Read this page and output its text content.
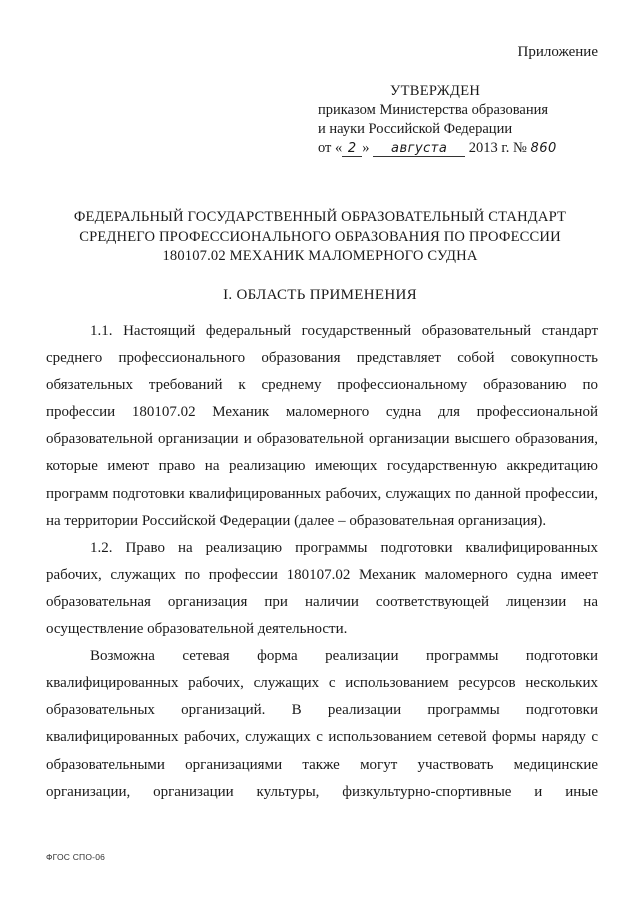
Приложение
УТВЕРЖДЕН
приказом Министерства образования
и науки Российской Федерации
от « 2 » августа 2013 г. № 860
ФЕДЕРАЛЬНЫЙ ГОСУДАРСТВЕННЫЙ ОБРАЗОВАТЕЛЬНЫЙ СТАНДАРТ
СРЕДНЕГО ПРОФЕССИОНАЛЬНОГО ОБРАЗОВАНИЯ ПО ПРОФЕССИИ
180107.02 МЕХАНИК МАЛОМЕРНОГО СУДНА
I. ОБЛАСТЬ ПРИМЕНЕНИЯ

1.1. Настоящий федеральный государственный образовательный стандарт среднего профессионального образования представляет собой совокупность обязательных требований к среднему профессиональному образованию по профессии 180107.02 Механик маломерного судна для профессиональной образовательной организации и образовательной организации высшего образования, которые имеют право на реализацию имеющих государственную аккредитацию программ подготовки квалифицированных рабочих, служащих по данной профессии, на территории Российской Федерации (далее – образовательная организация).

1.2. Право на реализацию программы подготовки квалифицированных рабочих, служащих по профессии 180107.02 Механик маломерного судна имеет образовательная организация при наличии соответствующей лицензии на осуществление образовательной деятельности.

Возможна сетевая форма реализации программы подготовки квалифицированных рабочих, служащих с использованием ресурсов нескольких образовательных организаций. В реализации программы подготовки квалифицированных рабочих, служащих с использованием сетевой формы наряду с образовательными организациями также могут участвовать медицинские организации, организации культуры, физкультурно-спортивные и иные

ФГОС СПО-06
